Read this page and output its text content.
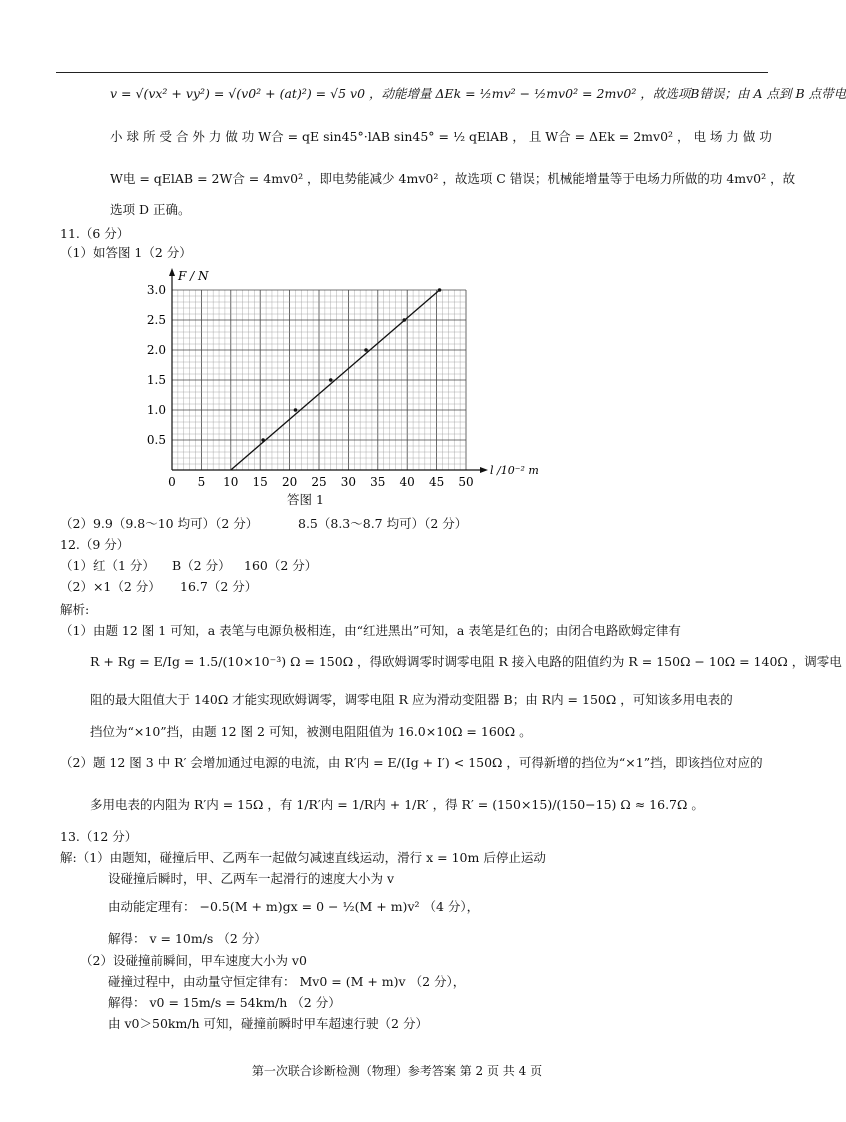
v = √(vx² + vy²) = √(v0² + (at)²) = √5 v0 ，动能增量 ΔEk = ½mv² − ½mv0² = 2mv0² ，故选项B错误；由 A 点到 B 点带电
小 球 所 受 合 外 力 做 功 W合 = qE sin45°·lAB sin45° = ½ qElAB ， 且 W合 = ΔEk = 2mv0² ， 电 场 力 做 功
W电 = qElAB = 2W合 = 4mv0² ，即电势能减少 4mv0² ，故选项 C 错误；机械能增量等于电场力所做的功 4mv0² ，故
选项 D 正确。
11.（6 分）
（1）如答图 1（2 分）
0 5 10 15 20 25 30 35 40 45 50
0.5
1.0
1.5
2.0
2.5
3.0
F / N
l /10⁻² m
答图 1
（2）9.9（9.8～10 均可）（2 分）	8.5（8.3～8.7 均可）（2 分）
12.（9 分）
（1）红（1 分） B（2 分） 160（2 分）
（2）×1（2 分） 16.7（2 分）
解析:
（1）由题 12 图 1 可知，a 表笔与电源负极相连，由“红进黑出”可知，a 表笔是红色的；由闭合电路欧姆定律有
R + Rg = E/Ig = 1.5/(10×10⁻³) Ω = 150Ω ，得欧姆调零时调零电阻 R 接入电路的阻值约为 R = 150Ω − 10Ω = 140Ω ，调零电
阻的最大阻值大于 140Ω 才能实现欧姆调零，调零电阻 R 应为滑动变阻器 B；由 R内 = 150Ω ，可知该多用电表的
挡位为“×10”挡，由题 12 图 2 可知，被测电阻阻值为 16.0×10Ω = 160Ω 。
（2）题 12 图 3 中 R′ 会增加通过电源的电流，由 R′内 = E/(Ig + I′) < 150Ω ，可得新增的挡位为“×1”挡，即该挡位对应的
多用电表的内阻为 R′内 = 15Ω ，有 1/R′内 = 1/R内 + 1/R′ ，得 R′ = (150×15)/(150−15) Ω ≈ 16.7Ω 。
13.（12 分）
解:（1）由题知，碰撞后甲、乙两车一起做匀减速直线运动，滑行 x = 10m 后停止运动
设碰撞后瞬时，甲、乙两车一起滑行的速度大小为 v
由动能定理有： −0.5(M + m)gx = 0 − ½(M + m)v² （4 分），
解得： v = 10m/s （2 分）
（2）设碰撞前瞬间，甲车速度大小为 v0
碰撞过程中，由动量守恒定律有： Mv0 = (M + m)v （2 分），
解得： v0 = 15m/s = 54km/h （2 分）
由 v0＞50km/h 可知，碰撞前瞬时甲车超速行驶（2 分）
第一次联合诊断检测（物理）参考答案 第 2 页 共 4 页
